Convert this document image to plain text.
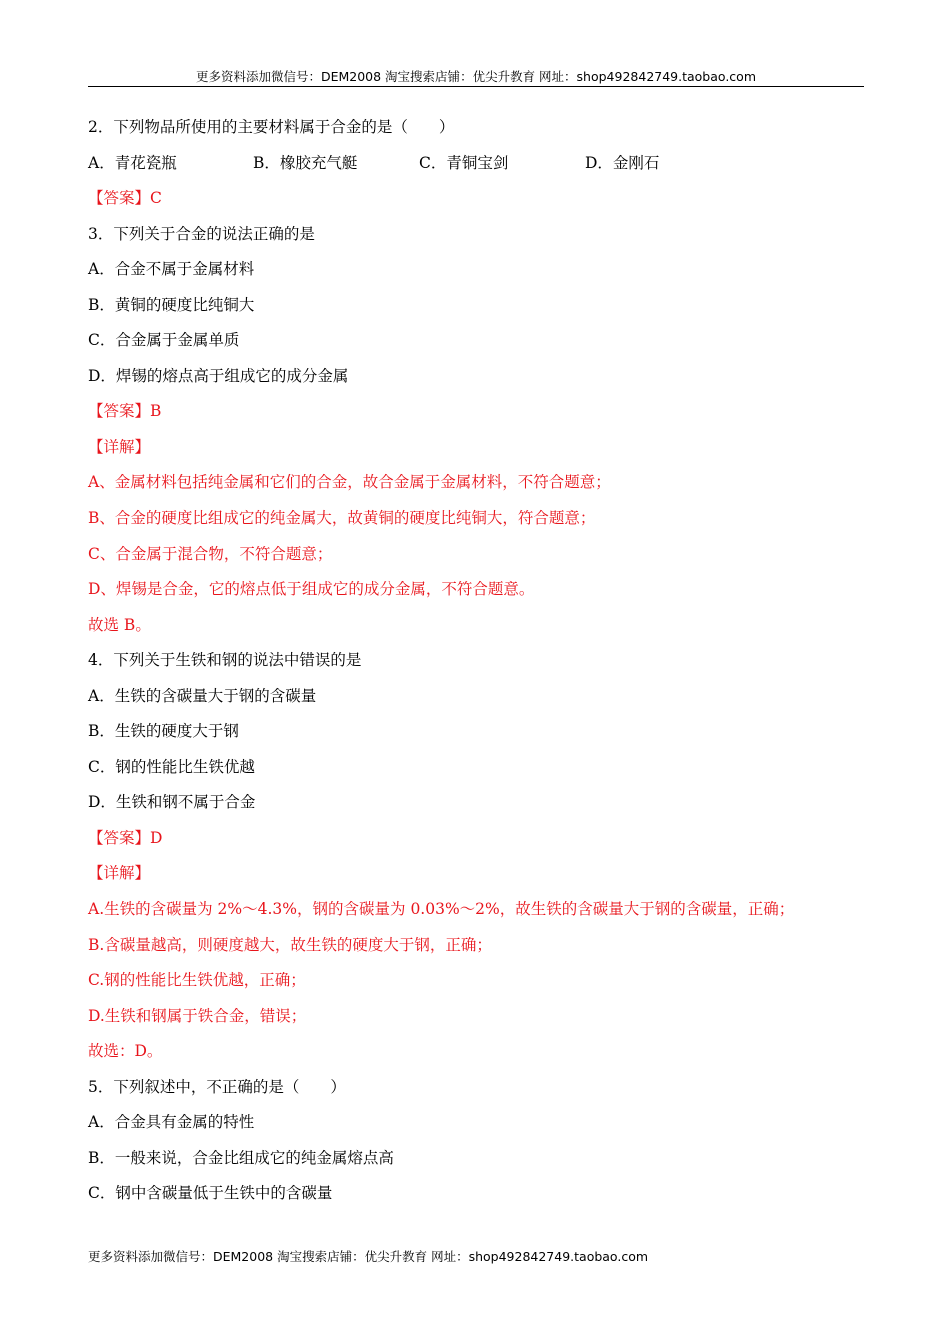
更多资料添加微信号：DEM2008 淘宝搜索店铺：优尖升教育 网址：shop492842749.taobao.com
2．下列物品所使用的主要材料属于合金的是（　　）
A．青花瓷瓶	B．橡胶充气艇	C．青铜宝剑	D．金刚石
【答案】C
3．下列关于合金的说法正确的是
A．合金不属于金属材料
B．黄铜的硬度比纯铜大
C．合金属于金属单质
D．焊锡的熔点高于组成它的成分金属
【答案】B
【详解】
A、金属材料包括纯金属和它们的合金，故合金属于金属材料，不符合题意；
B、合金的硬度比组成它的纯金属大，故黄铜的硬度比纯铜大，符合题意；
C、合金属于混合物，不符合题意；
D、焊锡是合金，它的熔点低于组成它的成分金属，不符合题意。
故选 B。
4．下列关于生铁和钢的说法中错误的是
A．生铁的含碳量大于钢的含碳量
B．生铁的硬度大于钢
C．钢的性能比生铁优越
D．生铁和钢不属于合金
【答案】D
【详解】
A.生铁的含碳量为 2%～4.3%，钢的含碳量为 0.03%～2%，故生铁的含碳量大于钢的含碳量，正确；
B.含碳量越高，则硬度越大，故生铁的硬度大于钢，正确；
C.钢的性能比生铁优越，正确；
D.生铁和钢属于铁合金，错误；
故选：D。
5．下列叙述中，不正确的是（　　）
A．合金具有金属的特性
B．一般来说，合金比组成它的纯金属熔点高
C．钢中含碳量低于生铁中的含碳量
更多资料添加微信号：DEM2008 淘宝搜索店铺：优尖升教育 网址：shop492842749.taobao.com
